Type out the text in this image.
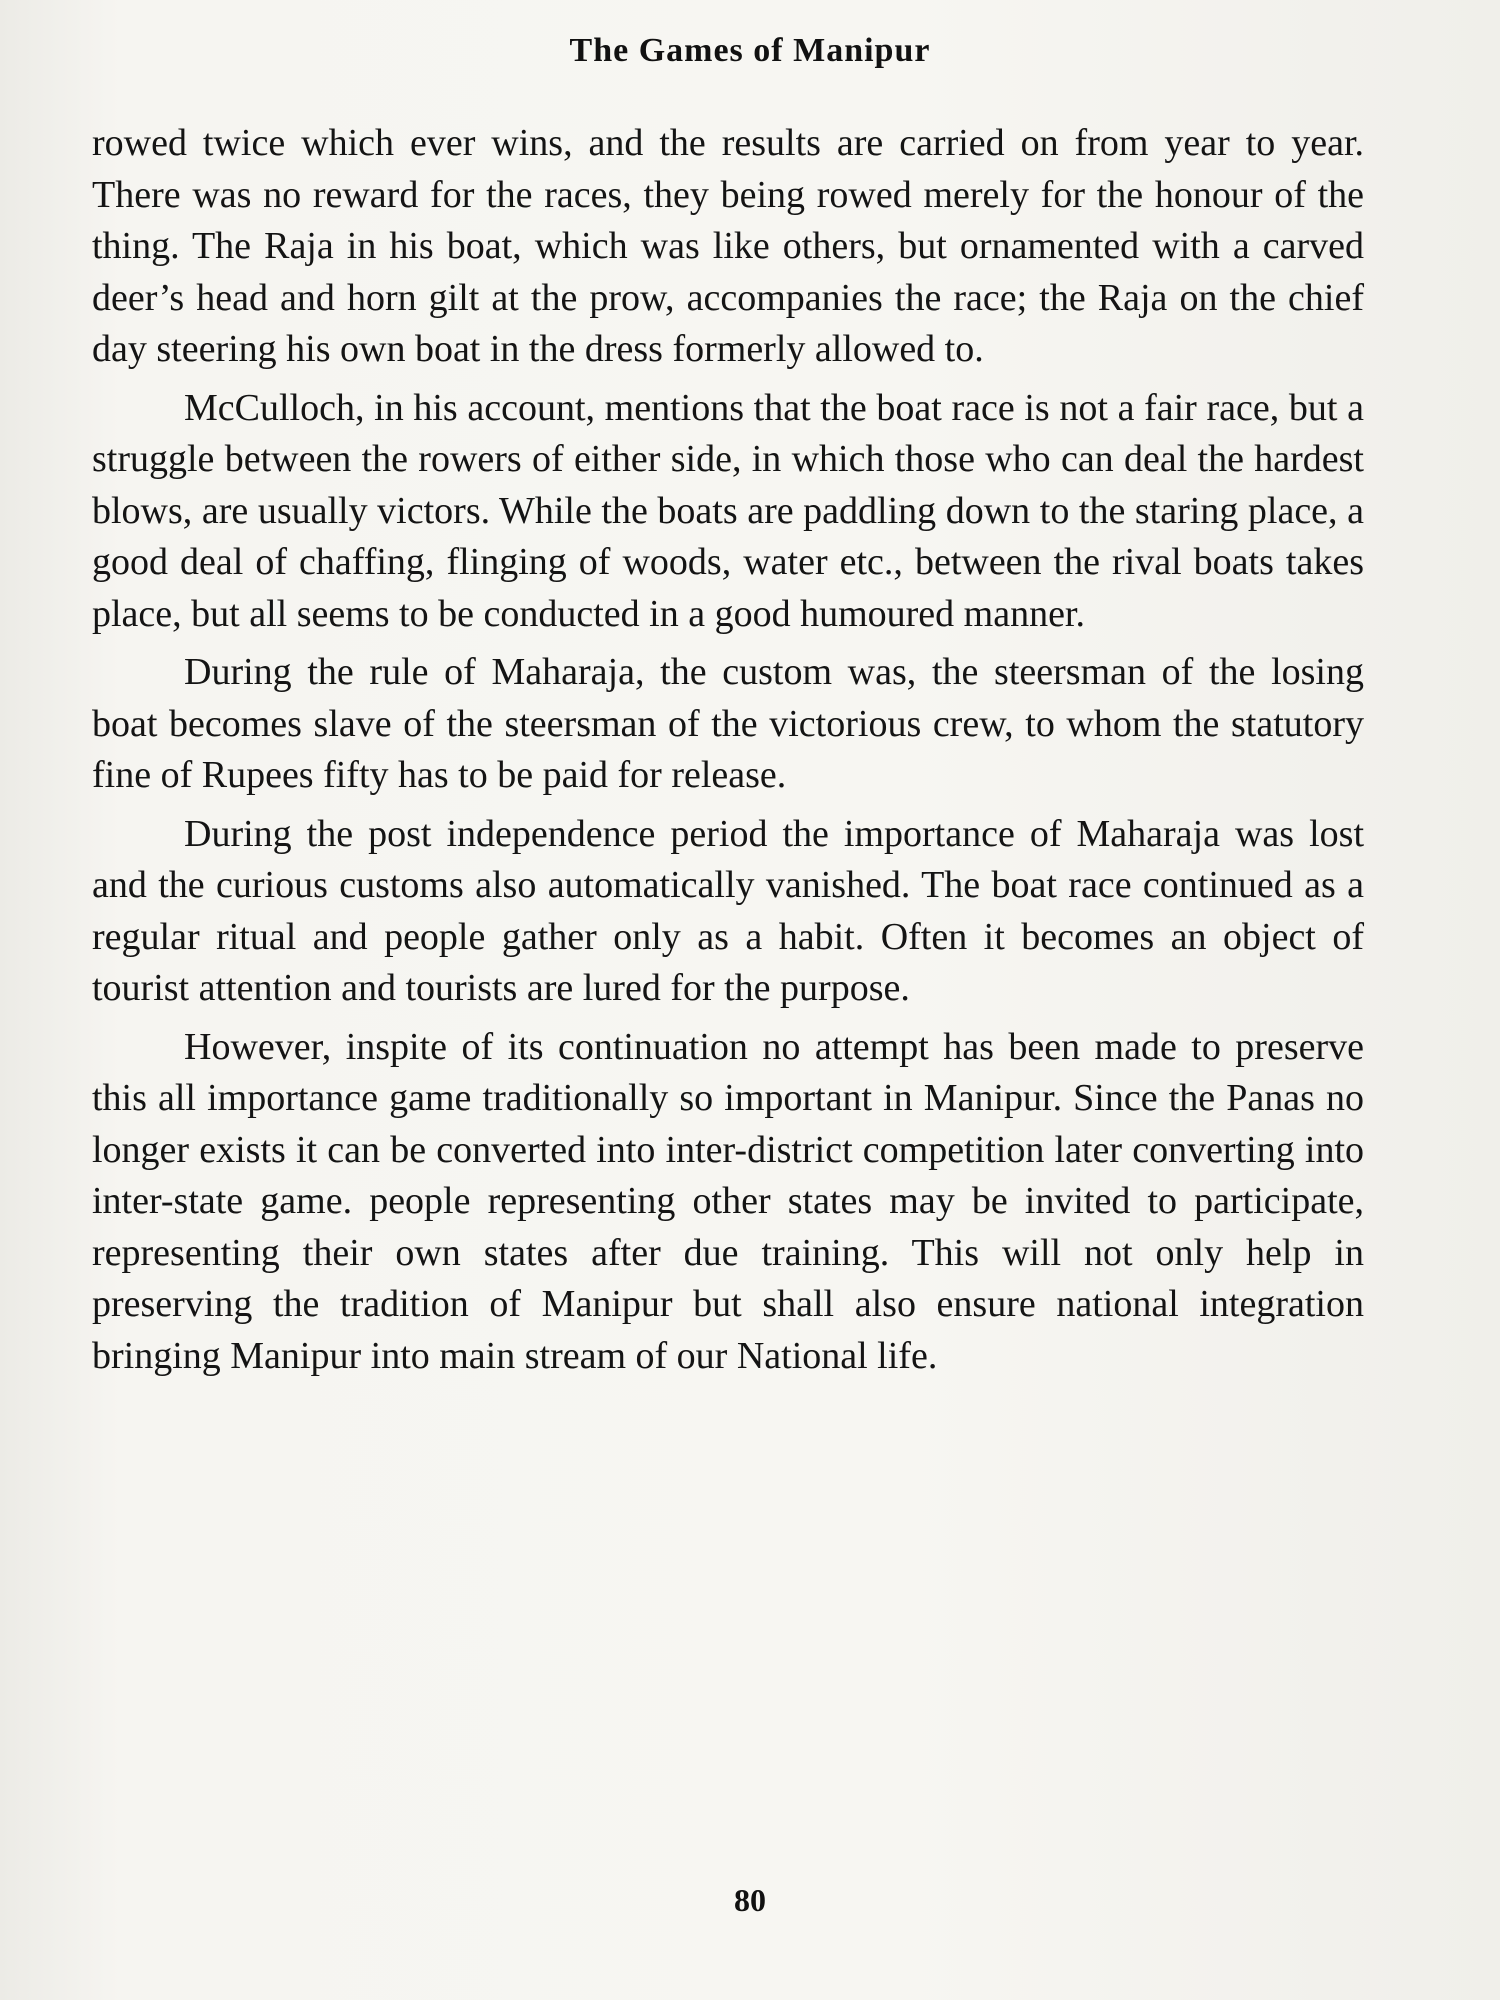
The Games of Manipur

rowed twice which ever wins, and the results are carried on from year to year. There was no reward for the races, they being rowed merely for the honour of the thing. The Raja in his boat, which was like others, but ornamented with a carved deer’s head and horn gilt at the prow, accompanies the race; the Raja on the chief day steering his own boat in the dress formerly allowed to.

McCulloch, in his account, mentions that the boat race is not a fair race, but a struggle between the rowers of either side, in which those who can deal the hardest blows, are usually victors. While the boats are paddling down to the staring place, a good deal of chaffing, flinging of woods, water etc., between the rival boats takes place, but all seems to be conducted in a good humoured manner.

During the rule of Maharaja, the custom was, the steersman of the losing boat becomes slave of the steersman of the victorious crew, to whom the statutory fine of Rupees fifty has to be paid for release.

During the post independence period the importance of Maharaja was lost and the curious customs also automatically vanished. The boat race continued as a regular ritual and people gather only as a habit. Often it becomes an object of tourist attention and tourists are lured for the purpose.

However, inspite of its continuation no attempt has been made to preserve this all importance game traditionally so important in Manipur. Since the Panas no longer exists it can be converted into inter-district competition later converting into inter-state game. people representing other states may be invited to participate, representing their own states after due training. This will not only help in preserving the tradition of Manipur but shall also ensure national integration bringing Manipur into main stream of our National life.

80
